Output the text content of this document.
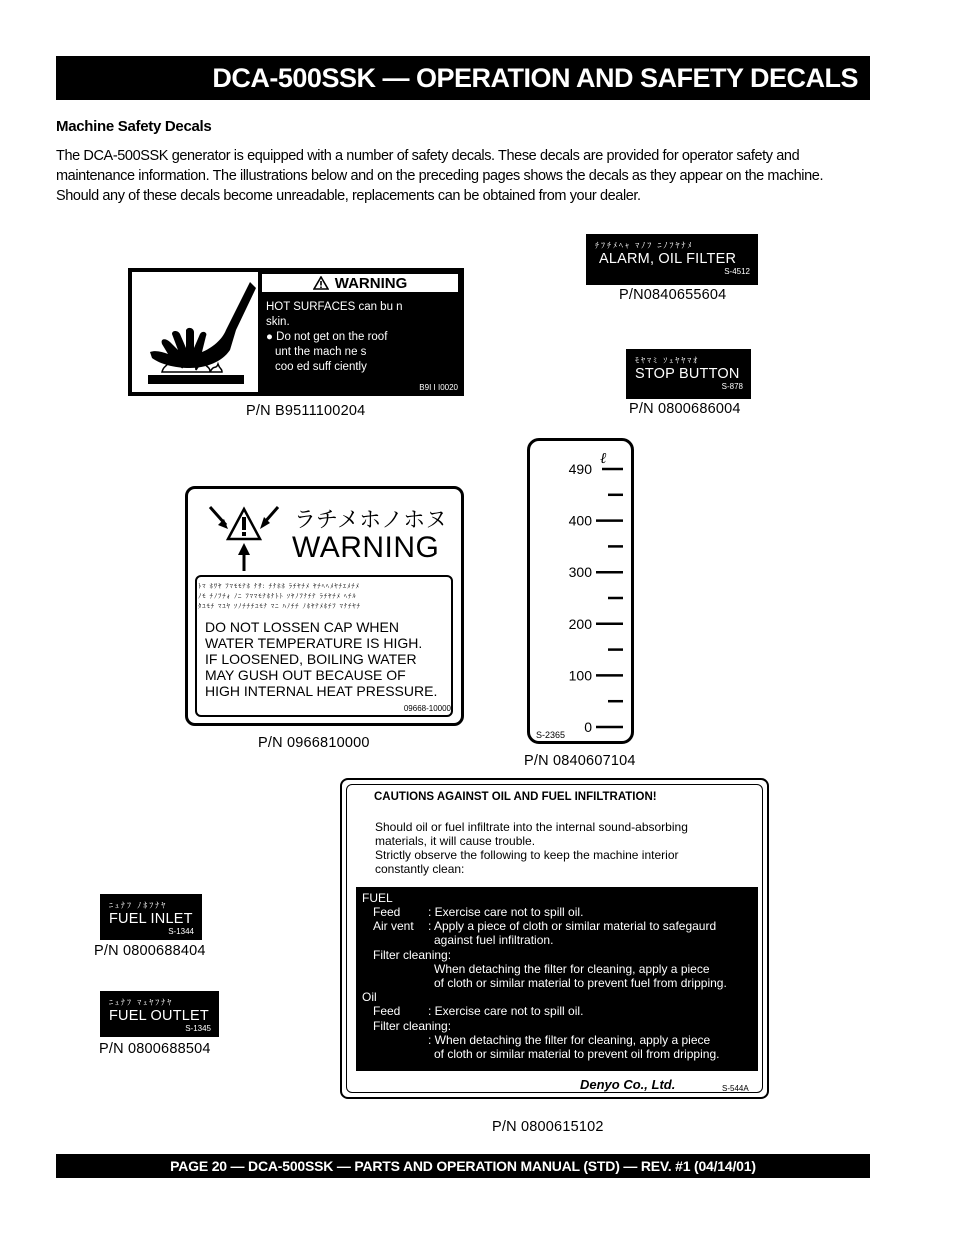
DCA-500SSK — OPERATION AND SAFETY DECALS
Machine Safety Decals
The DCA-500SSK generator is equipped with a number of safety decals. These decals are provided for operator safety and maintenance information. The illustrations below and on the preceding pages shows the decals as they appear on the machine. Should any of these decals become unreadable, replacements can be obtained from your dealer.
WARNING
HOT SURFACES can bu n
skin.
● Do not get on the roof
unt the mach ne s
coo ed suff ciently
B9I I I0020
P/N B9511100204
ﾁﾌﾁﾒﾍｬ ﾏﾉﾌ ﾆﾉﾌﾔﾅﾒ
ALARM, OIL FILTER
S-4512
P/N0840655604
ﾓﾔﾏﾐ ｿｭﾔﾔﾏｵ
STOP BUTTON
S-878
P/N 0800686004
ラチメホノホヌ
WARNING
ﾄﾏ ﾎﾜﾔ ﾌﾏﾓﾓﾅﾎ ﾅｻ: ﾁﾅﾎﾎ ﾗﾁﾔﾁﾒ ﾔﾁﾍﾍﾒﾔﾁｴﾒﾁﾒ
ﾉﾓ ﾁﾉﾌﾁｫ ﾉﾆ ﾌﾏﾏﾓﾅﾎﾅﾄﾄ ｿﾔﾉﾌﾅﾁﾅ ﾗﾁﾔﾁﾒ ﾍﾁﾙ
ﾀﾕﾓﾁ ﾏﾕﾔ ｿﾉﾁﾁﾁﾕﾓﾅ ﾏﾆ ﾊﾉﾁﾁ ﾉﾎﾔﾅﾒﾎﾁﾌ ﾏﾅﾁﾔﾁ
DO NOT LOSSEN CAP WHEN
WATER TEMPERATURE IS HIGH.
IF LOOSENED, BOILING WATER
MAY GUSH OUT BECAUSE OF
HIGH INTERNAL HEAT PRESSURE.
09668-10000
P/N 0966810000
490
400
300
200
100
0
ℓ
S-2365
P/N 0840607104
ﾆｭﾅﾌ ﾉﾎﾌﾅﾔ
FUEL INLET
S-1344
P/N 0800688404
ﾆｭﾅﾌ ﾏｭﾔﾌﾅﾔ
FUEL OUTLET
S-1345
P/N 0800688504
CAUTIONS AGAINST OIL AND FUEL INFILTRATION!
Should oil or fuel infiltrate into the internal sound-absorbing
materials, it will cause trouble.
Strictly observe the following to keep the machine interior
constantly clean:
FUEL
Feed : Exercise care not to spill oil.
Air vent : Apply a piece of cloth or similar material to safegaurd
against fuel infiltration.
Filter cleaning:
When detaching the filter for cleaning, apply a piece
of cloth or similar material to prevent fuel from dripping.
Oil
Feed : Exercise care not to spill oil.
Filter cleaning:
: When detaching the filter for cleaning, apply a piece
of cloth or similar material to prevent oil from dripping.
Denyo Co., Ltd.	S-544A
P/N 0800615102
PAGE 20 — DCA-500SSK — PARTS AND OPERATION MANUAL (STD) — REV. #1 (04/14/01)
